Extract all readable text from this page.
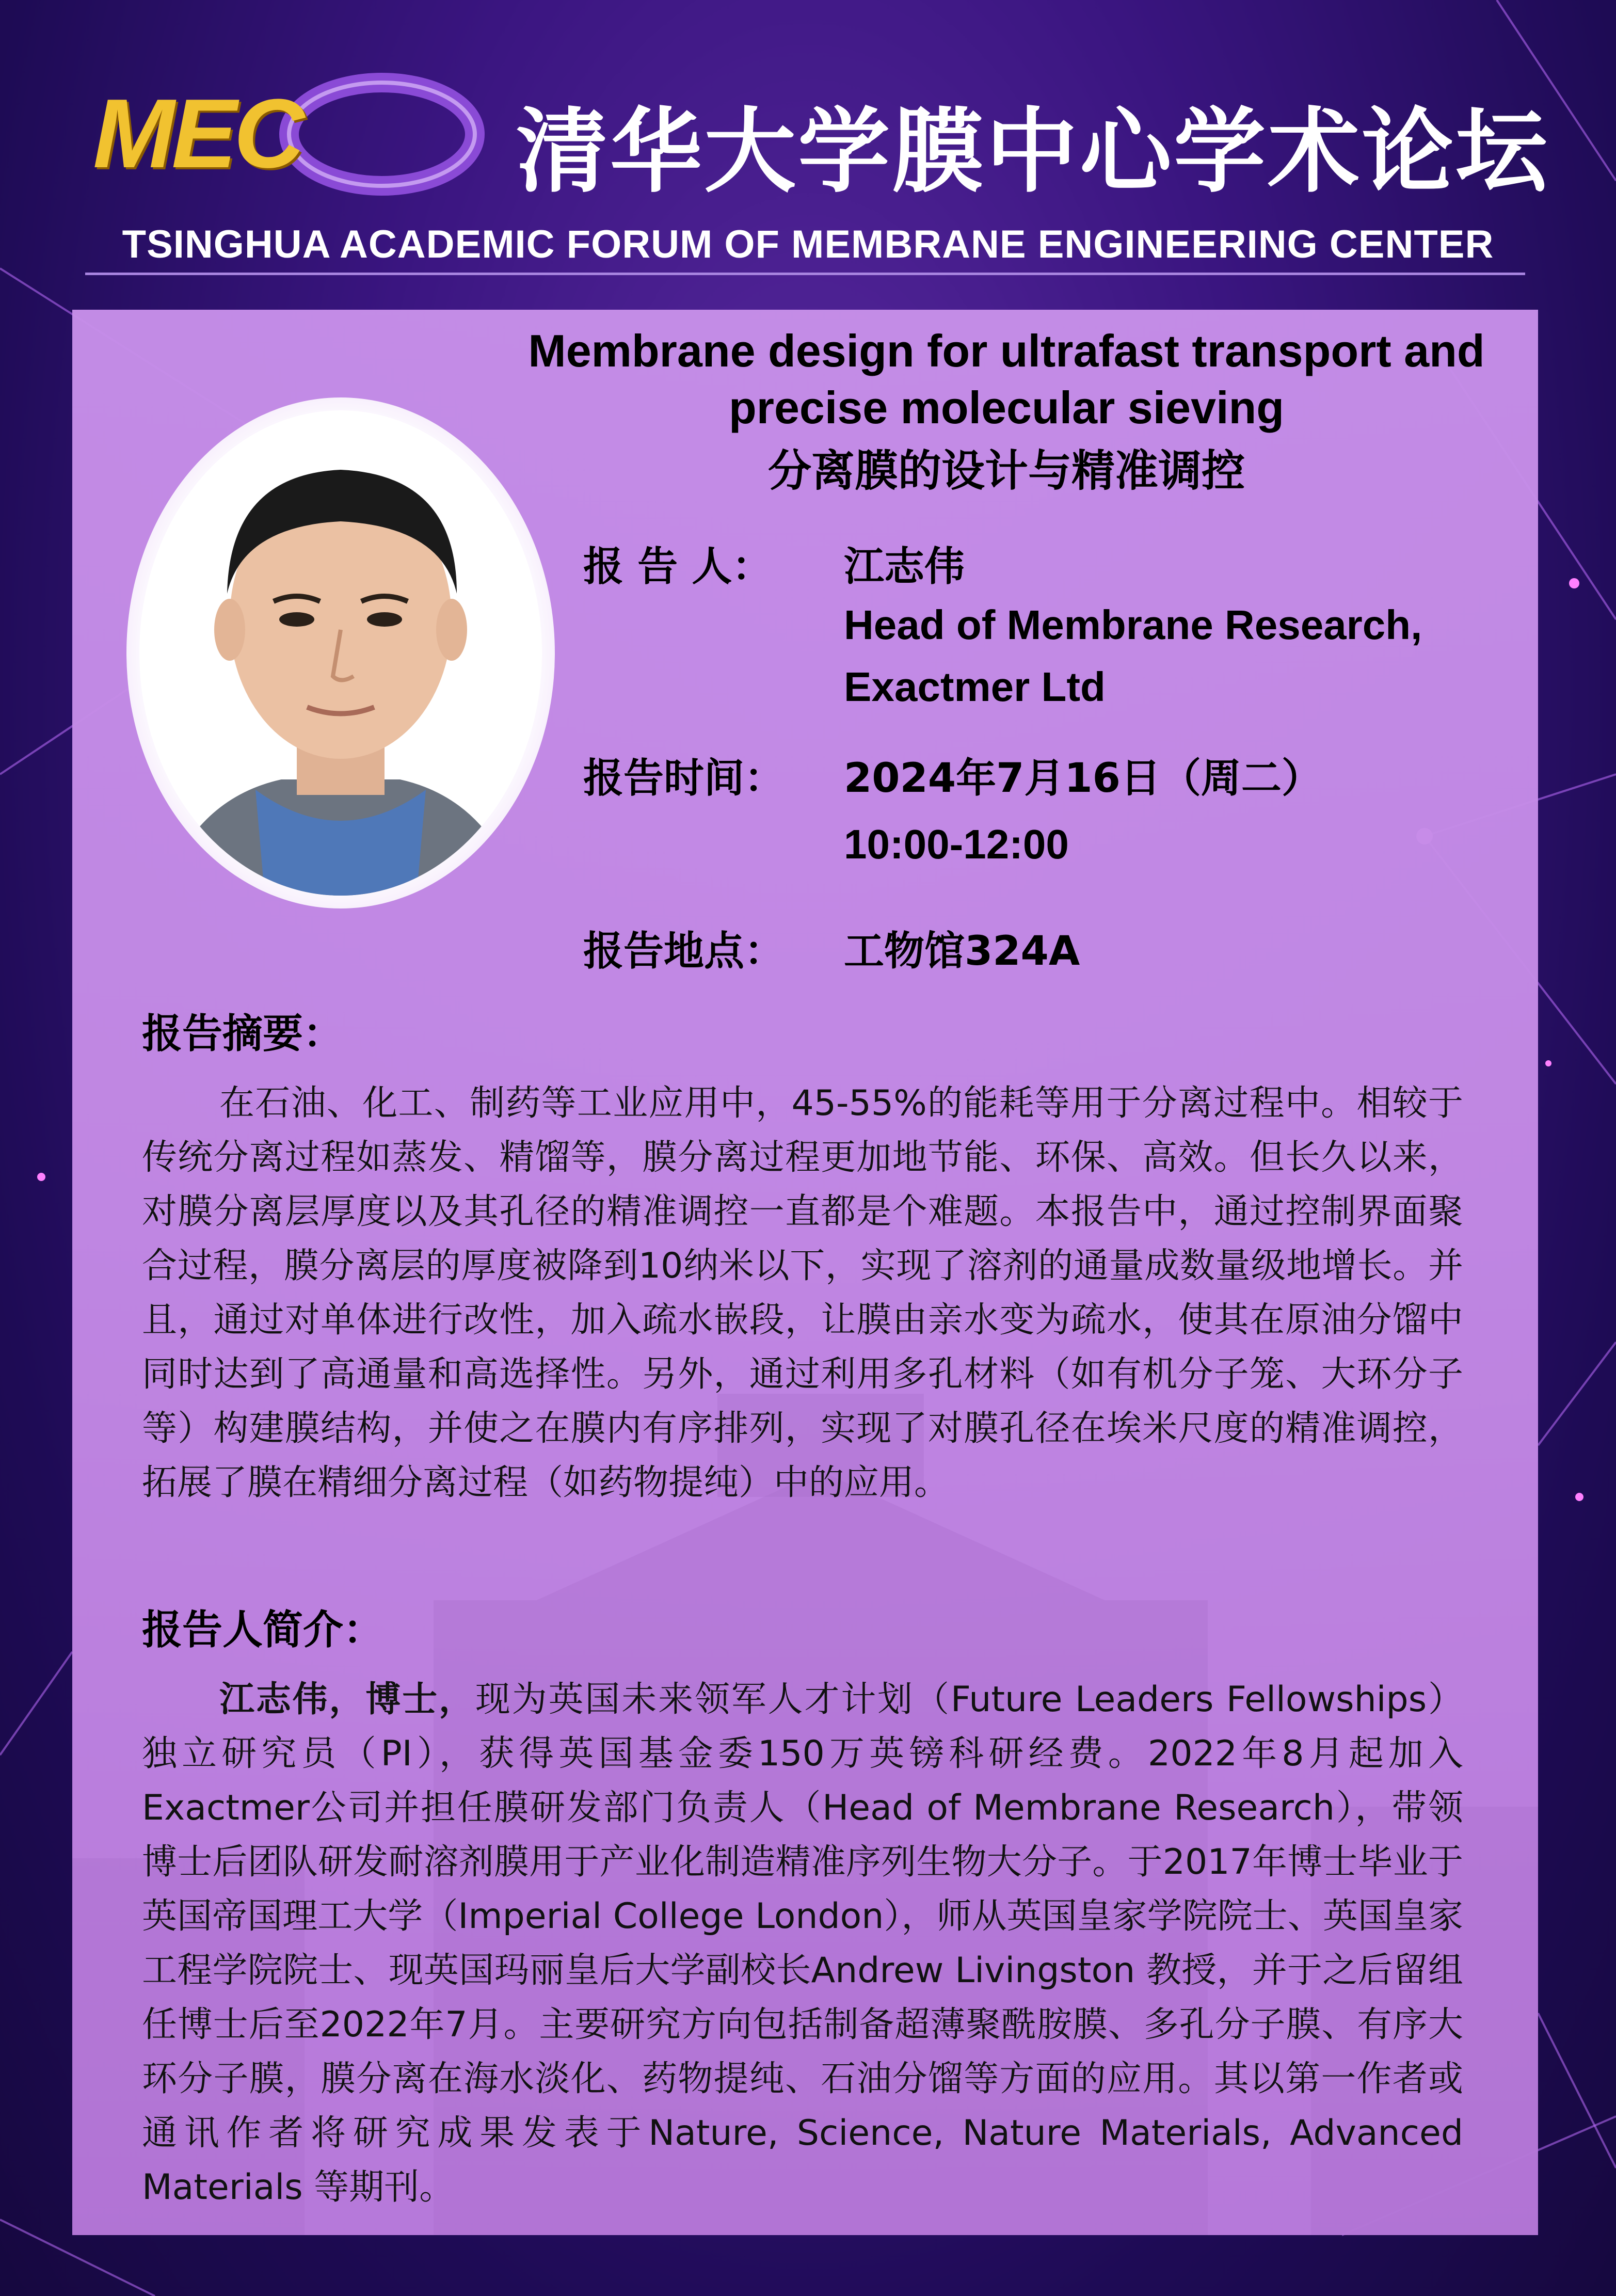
MEC 清华大学膜中心学术论坛
TSINGHUA ACADEMIC FORUM OF MEMBRANE ENGINEERING CENTER
Membrane design for ultrafast transport and
precise molecular sieving
分离膜的设计与精准调控
报 告 人： 江志伟
Head of Membrane Research,
Exactmer Ltd
报告时间： 2024年7月16日（周二）
10:00-12:00
报告地点： 工物馆324A
报告摘要：
在石油、化工、制药等工业应用中，45-55%的能耗等用于分离过程中。相较于传统分离过程如蒸发、精馏等，膜分离过程更加地节能、环保、高效。但长久以来，对膜分离层厚度以及其孔径的精准调控一直都是个难题。本报告中，通过控制界面聚合过程，膜分离层的厚度被降到10纳米以下，实现了溶剂的通量成数量级地增长。并且，通过对单体进行改性，加入疏水嵌段，让膜由亲水变为疏水，使其在原油分馏中同时达到了高通量和高选择性。另外，通过利用多孔材料（如有机分子笼、大环分子等）构建膜结构，并使之在膜内有序排列，实现了对膜孔径在埃米尺度的精准调控，拓展了膜在精细分离过程（如药物提纯）中的应用。
报告人简介：
江志伟，博士，现为英国未来领军人才计划（Future Leaders Fellowships）独立研究员（PI），获得英国基金委150万英镑科研经费。2022年8月起加入Exactmer公司并担任膜研发部门负责人（Head of Membrane Research），带领博士后团队研发耐溶剂膜用于产业化制造精准序列生物大分子。于2017年博士毕业于英国帝国理工大学（Imperial College London），师从英国皇家学院院士、英国皇家工程学院院士、现英国玛丽皇后大学副校长Andrew Livingston 教授，并于之后留组任博士后至2022年7月。主要研究方向包括制备超薄聚酰胺膜、多孔分子膜、有序大环分子膜，膜分离在海水淡化、药物提纯、石油分馏等方面的应用。其以第一作者或通讯作者将研究成果发表于Nature, Science, Nature Materials, Advanced Materials 等期刊。
